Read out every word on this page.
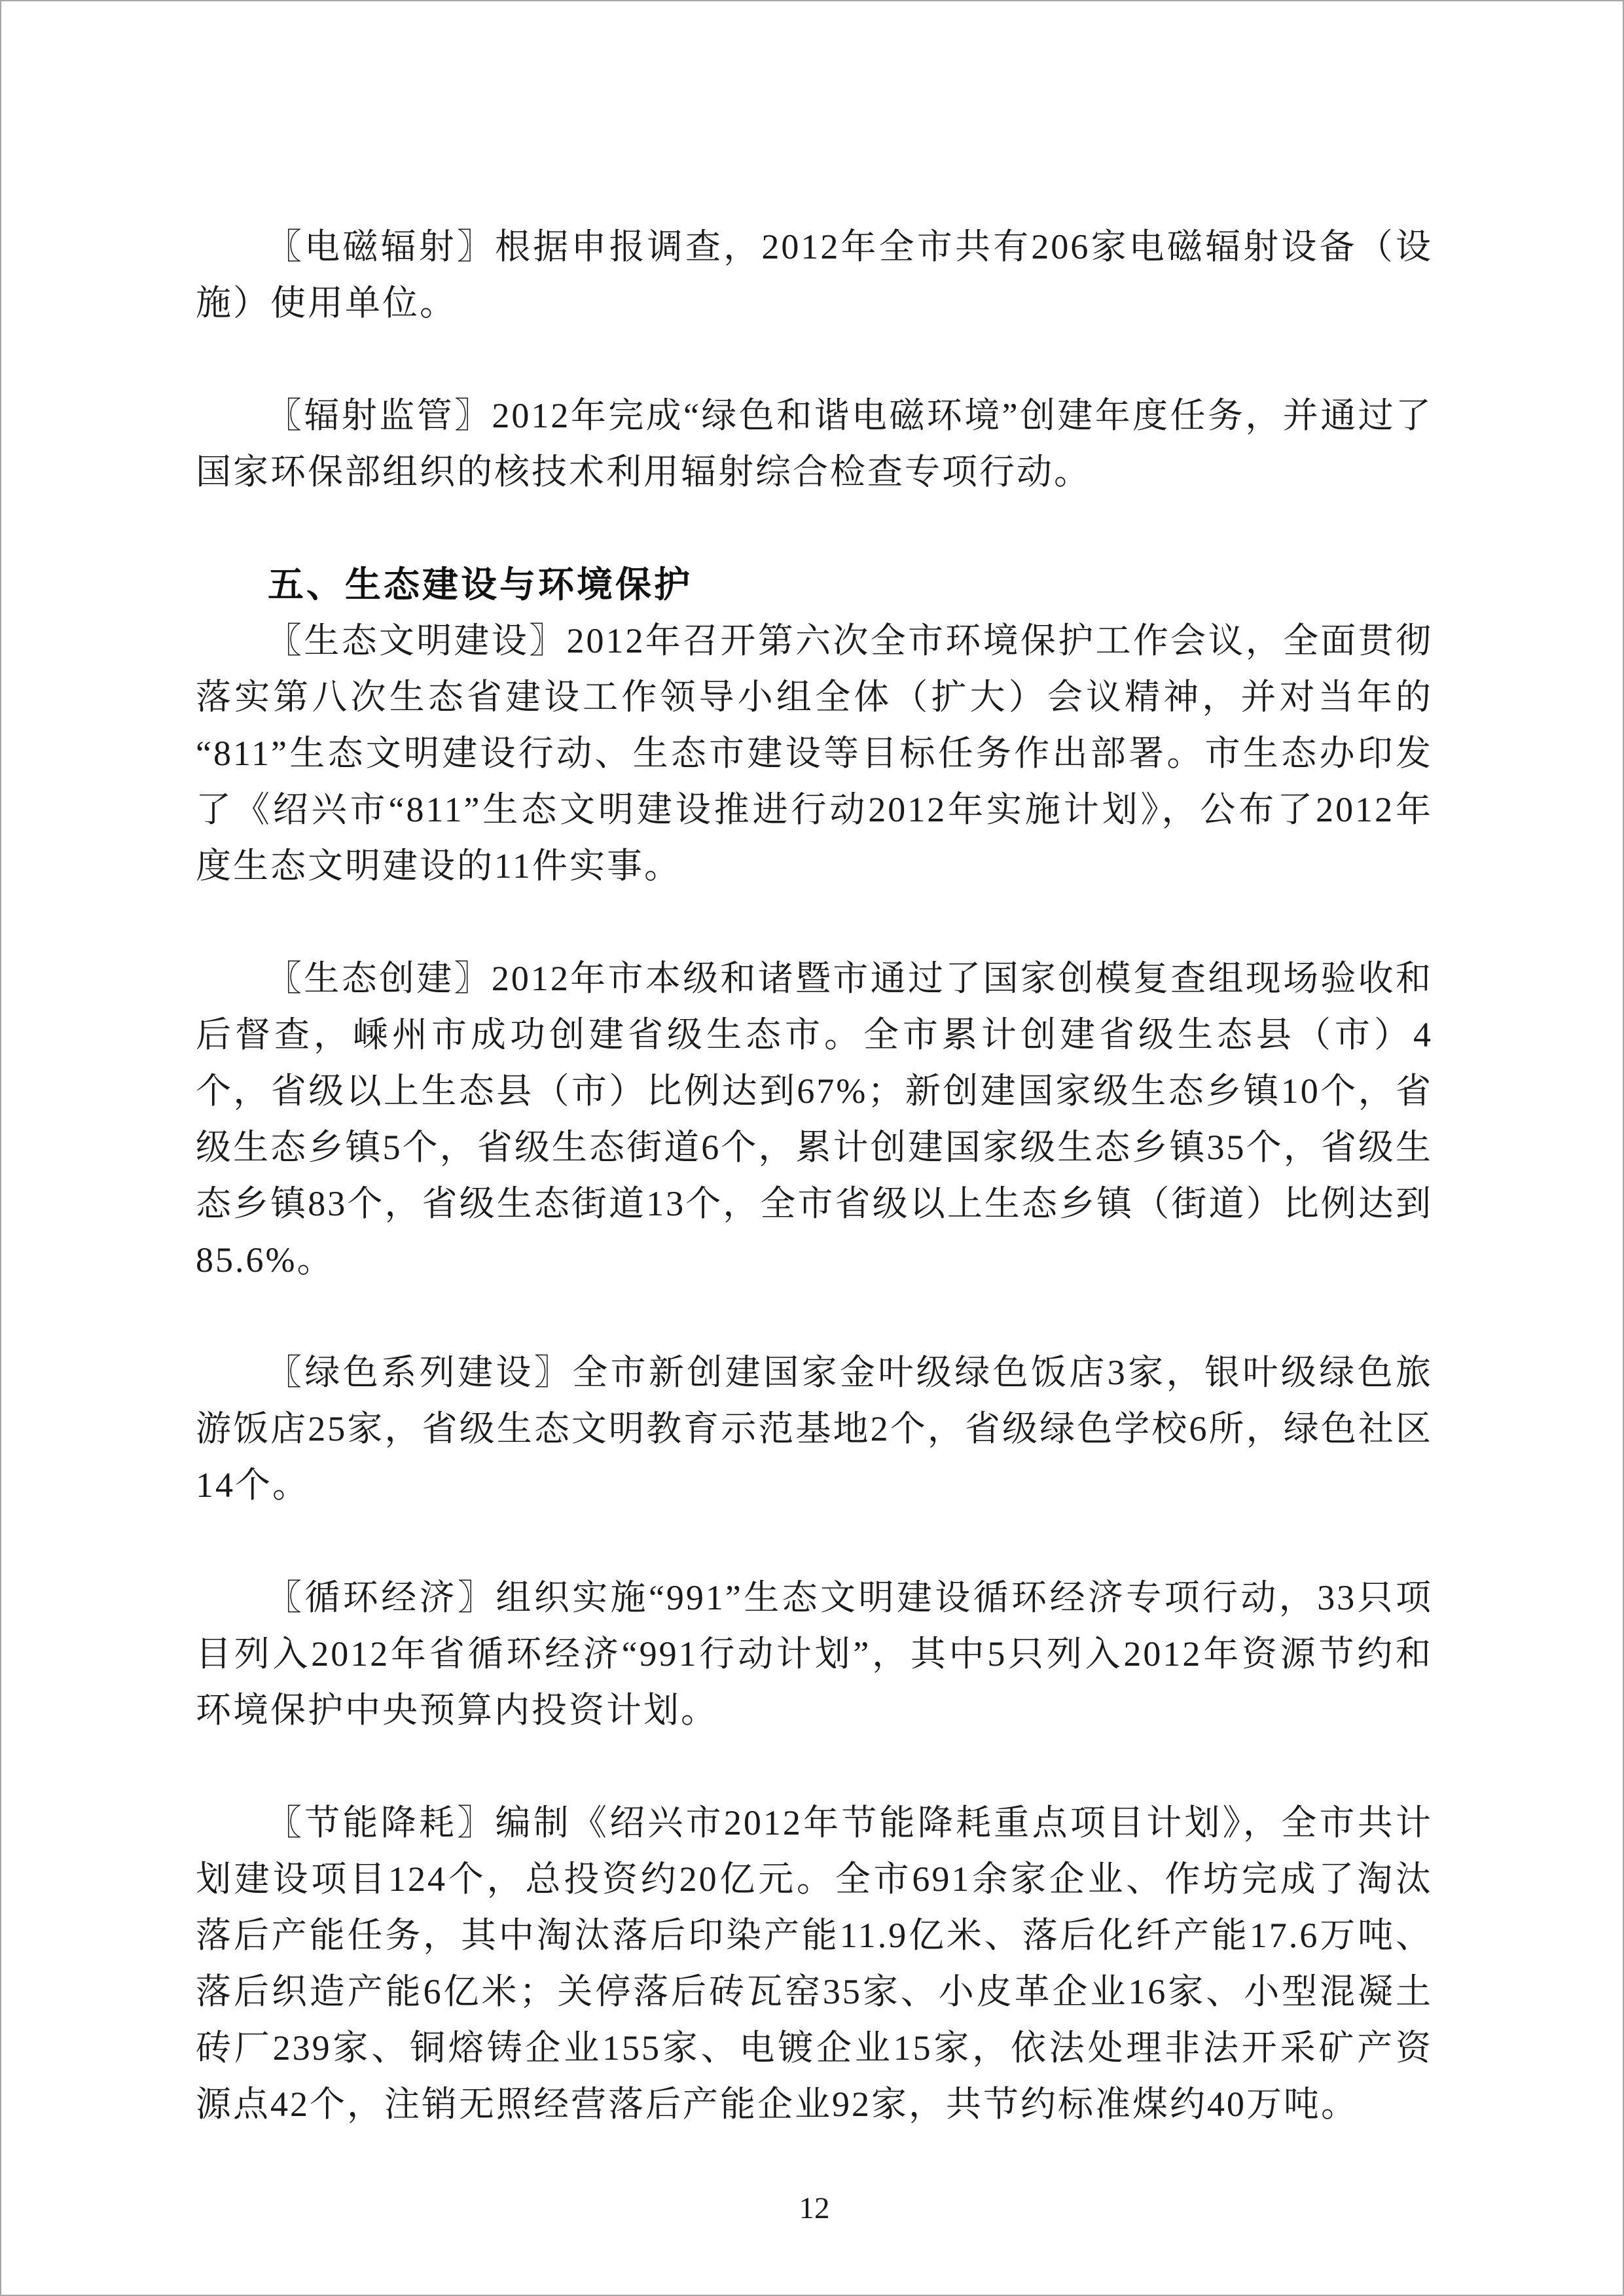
〖电磁辐射〗根据申报调查，2012年全市共有206家电磁辐射设备（设施）使用单位。

〖辐射监管〗2012年完成“绿色和谐电磁环境”创建年度任务，并通过了国家环保部组织的核技术利用辐射综合检查专项行动。

五、生态建设与环境保护

〖生态文明建设〗2012年召开第六次全市环境保护工作会议，全面贯彻落实第八次生态省建设工作领导小组全体（扩大）会议精神，并对当年的“811”生态文明建设行动、生态市建设等目标任务作出部署。市生态办印发了《绍兴市“811”生态文明建设推进行动2012年实施计划》，公布了2012年度生态文明建设的11件实事。

〖生态创建〗2012年市本级和诸暨市通过了国家创模复查组现场验收和后督查，嵊州市成功创建省级生态市。全市累计创建省级生态县（市）4个，省级以上生态县（市）比例达到67%；新创建国家级生态乡镇10个，省级生态乡镇5个，省级生态街道6个，累计创建国家级生态乡镇35个，省级生态乡镇83个，省级生态街道13个，全市省级以上生态乡镇（街道）比例达到85.6%。

〖绿色系列建设〗全市新创建国家金叶级绿色饭店3家，银叶级绿色旅游饭店25家，省级生态文明教育示范基地2个，省级绿色学校6所，绿色社区14个。

〖循环经济〗组织实施“991”生态文明建设循环经济专项行动，33只项目列入2012年省循环经济“991行动计划”，其中5只列入2012年资源节约和环境保护中央预算内投资计划。

〖节能降耗〗编制《绍兴市2012年节能降耗重点项目计划》，全市共计划建设项目124个，总投资约20亿元。全市691余家企业、作坊完成了淘汰落后产能任务，其中淘汰落后印染产能11.9亿米、落后化纤产能17.6万吨、落后织造产能6亿米；关停落后砖瓦窑35家、小皮革企业16家、小型混凝土砖厂239家、铜熔铸企业155家、电镀企业15家，依法处理非法开采矿产资源点42个，注销无照经营落后产能企业92家，共节约标准煤约40万吨。

12
